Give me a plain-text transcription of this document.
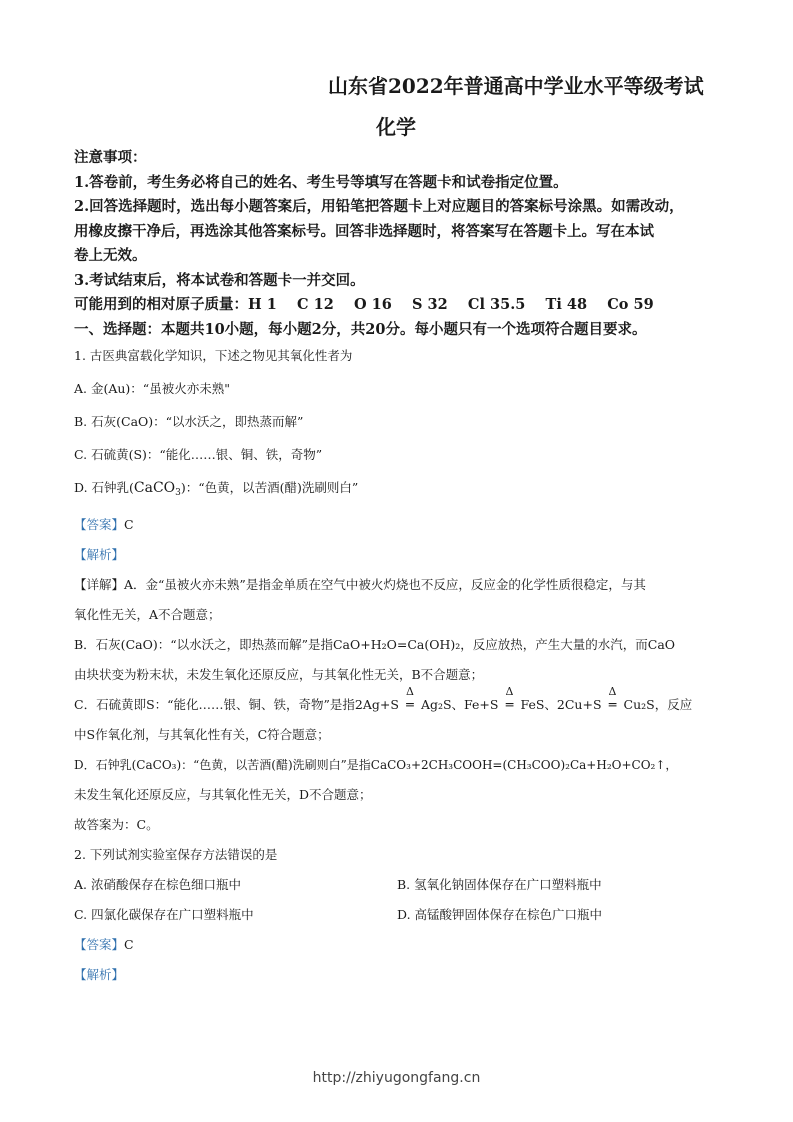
山东省2022年普通高中学业水平等级考试
化学
注意事项：
1.答卷前，考生务必将自己的姓名、考生号等填写在答题卡和试卷指定位置。
2.回答选择题时，选出每小题答案后，用铅笔把答题卡上对应题目的答案标号涂黑。如需改动，
用橡皮擦干净后，再选涂其他答案标号。回答非选择题时，将答案写在答题卡上。写在本试
卷上无效。
3.考试结束后，将本试卷和答题卡一并交回。
可能用到的相对原子质量：H 1    C 12    O 16    S 32    Cl 35.5    Ti 48    Co 59
一、选择题：本题共10小题，每小题2分，共20分。每小题只有一个选项符合题目要求。
1. 古医典富载化学知识，下述之物见其氧化性者为
A. 金(Au)：“虽被火亦未熟"
B. 石灰(CaO)：“以水沃之，即热蒸而解”
C. 石硫黄(S)：“能化……银、铜、铁，奇物”
D. 石钟乳(CaCO$_3$)：“色黄，以苦酒(醋)洗刷则白”
【答案】C
【解析】
【详解】A．金“虽被火亦未熟”是指金单质在空气中被火灼烧也不反应，反应金的化学性质很稳定，与其
氧化性无关，A不合题意；
B．石灰(CaO)：“以水沃之，即热蒸而解”是指CaO+H₂O=Ca(OH)₂，反应放热，产生大量的水汽，而CaO
由块状变为粉末状，未发生氧化还原反应，与其氧化性无关，B不合题意；
C．石硫黄即S：“能化……银、铜、铁，奇物”是指2Ag+S
Δ
═ Ag₂S、Fe+S
Δ
═ FeS、2Cu+S
Δ
═ Cu₂S，反应
中S作氧化剂，与其氧化性有关，C符合题意；
D．石钟乳(CaCO₃)：“色黄，以苦酒(醋)洗刷则白”是指CaCO₃+2CH₃COOH=(CH₃COO)₂Ca+H₂O+CO₂↑，
未发生氧化还原反应，与其氧化性无关，D不合题意；
故答案为：C。
2. 下列试剂实验室保存方法错误的是
A. 浓硝酸保存在棕色细口瓶中	B. 氢氧化钠固体保存在广口塑料瓶中
C. 四氯化碳保存在广口塑料瓶中	D. 高锰酸钾固体保存在棕色广口瓶中
【答案】C
【解析】
http://zhiyugongfang.cn
